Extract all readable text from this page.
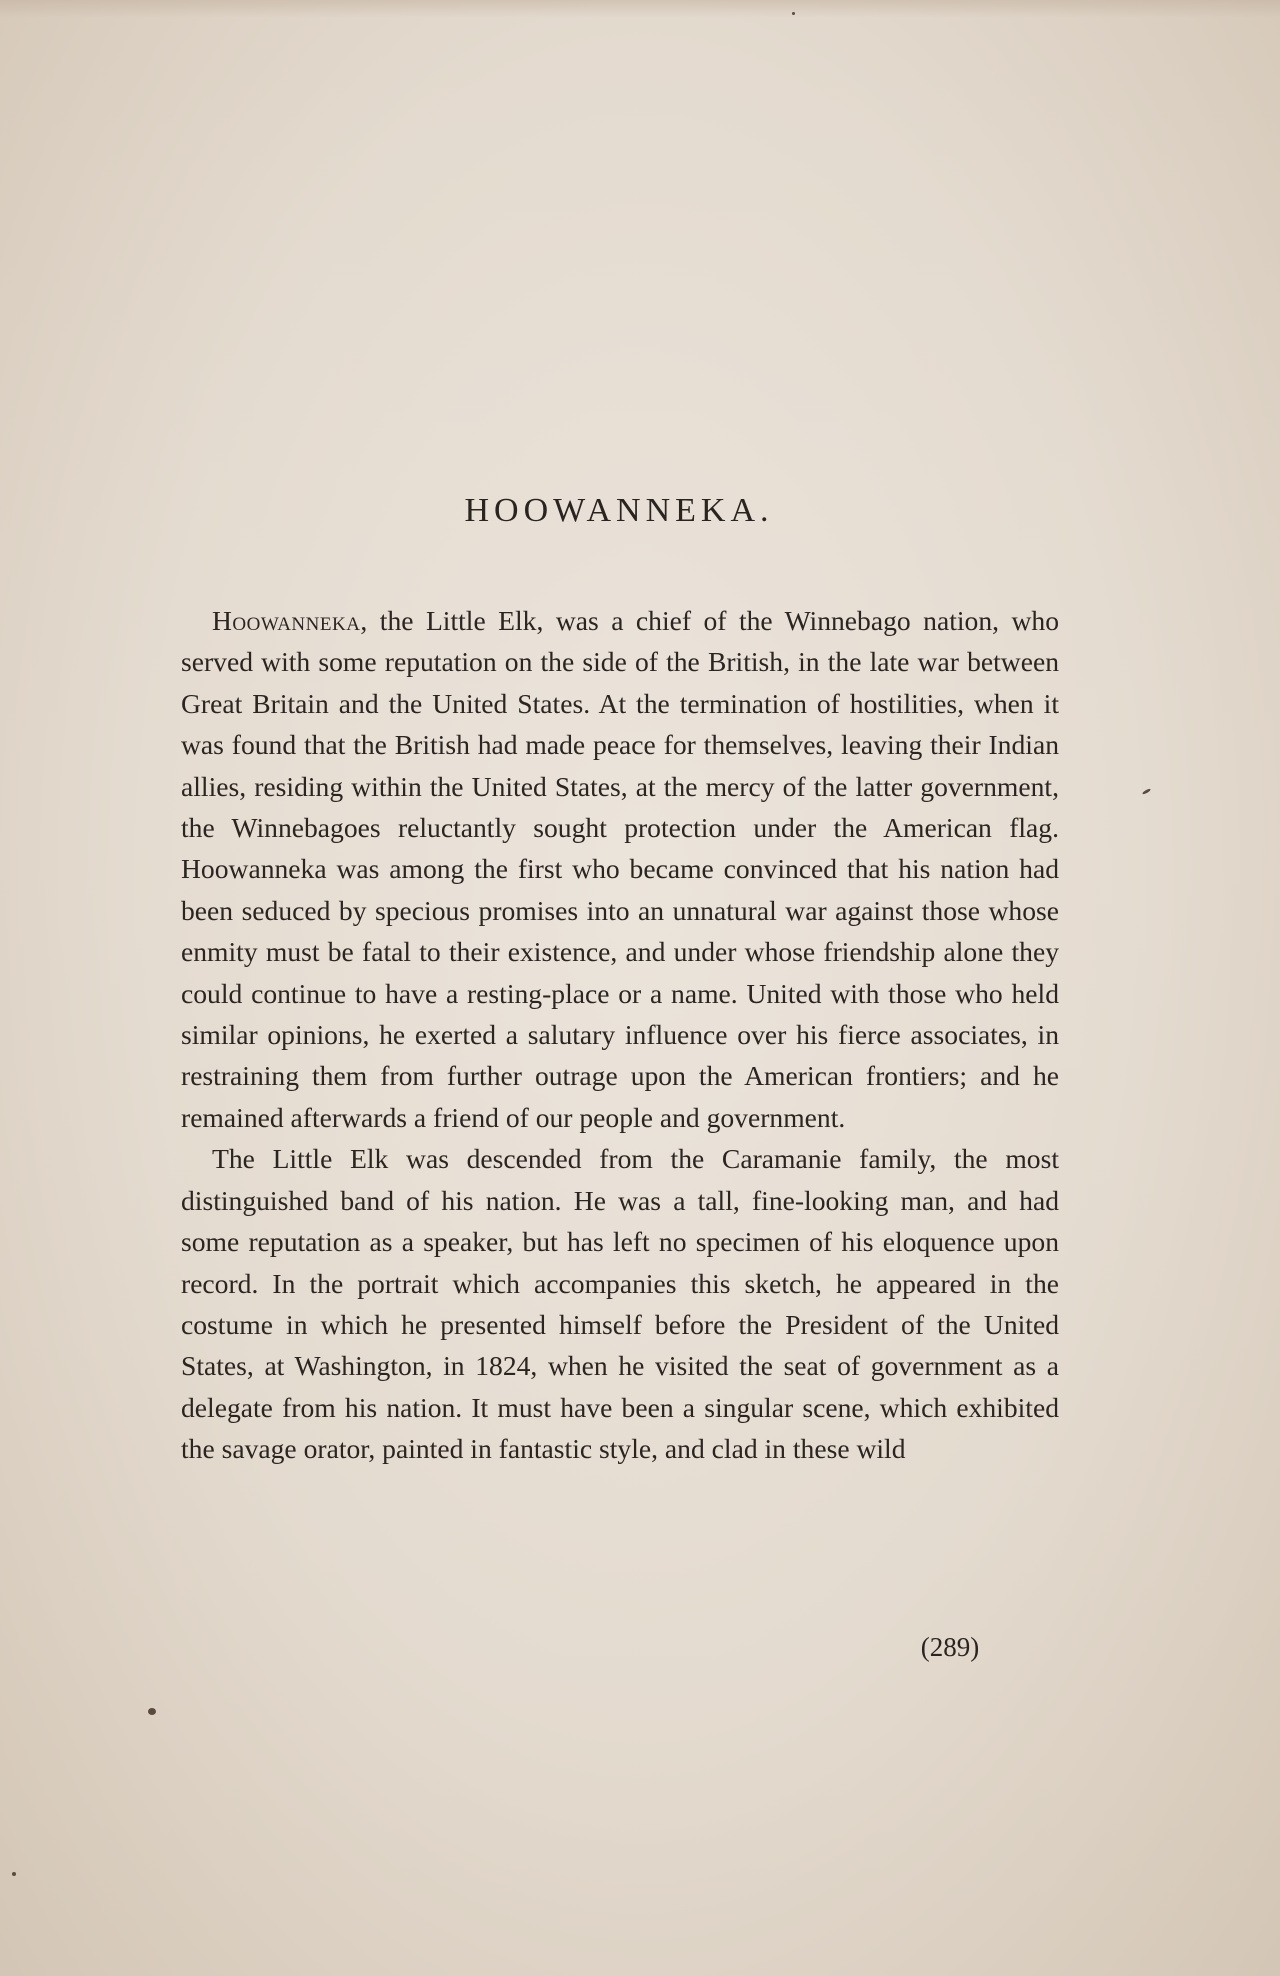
HOOWANNEKA.

Hoowanneka, the Little Elk, was a chief of the Winnebago nation, who served with some reputation on the side of the British, in the late war between Great Britain and the United States. At the termination of hostilities, when it was found that the British had made peace for themselves, leaving their Indian allies, residing within the United States, at the mercy of the latter government, the Winnebagoes reluctantly sought protection under the American flag. Hoowanneka was among the first who became convinced that his nation had been seduced by specious promises into an unnatural war against those whose enmity must be fatal to their existence, and under whose friendship alone they could continue to have a resting-place or a name. United with those who held similar opinions, he exerted a salutary influence over his fierce associates, in restraining them from further outrage upon the American frontiers; and he remained afterwards a friend of our people and government.

The Little Elk was descended from the Caramanie family, the most distinguished band of his nation. He was a tall, fine-looking man, and had some reputation as a speaker, but has left no specimen of his eloquence upon record. In the portrait which accompanies this sketch, he appeared in the costume in which he presented himself before the President of the United States, at Washington, in 1824, when he visited the seat of government as a delegate from his nation. It must have been a singular scene, which exhibited the savage orator, painted in fantastic style, and clad in these wild

(289)
